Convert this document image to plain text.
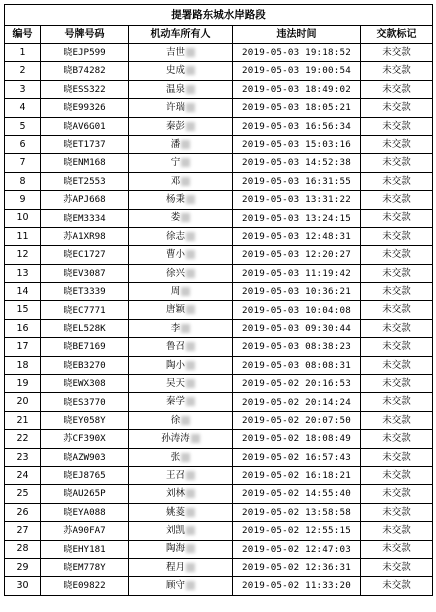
提署路东城水岸路段				
编号	号牌号码	机动车所有人	违法时间	交款标记
1	晓EJP599	吉世	2019-05-03 19:18:52	未交款
2	晓B74282	史成	2019-05-03 19:00:54	未交款
3	晓ESS322	温泉	2019-05-03 18:49:02	未交款
4	晓E99326	许瑞	2019-05-03 18:05:21	未交款
5	晓AV6G01	秦彭	2019-05-03 16:56:34	未交款
6	晓ET1737	潘	2019-05-03 15:03:16	未交款
7	晓ENM168	宁	2019-05-03 14:52:38	未交款
8	晓ET2553	邓	2019-05-03 16:31:55	未交款
9	苏APJ668	杨秉	2019-05-03 13:31:22	未交款
10	晓EM3334	娄	2019-05-03 13:24:15	未交款
11	苏A1XR98	徐志	2019-05-03 12:48:31	未交款
12	晓EC1727	曹小	2019-05-03 12:20:27	未交款
13	晓EV3087	徐兴	2019-05-03 11:19:42	未交款
14	晓ET3339	周	2019-05-03 10:36:21	未交款
15	晓EC7771	唐颖	2019-05-03 10:04:08	未交款
16	晓EL528K	李	2019-05-03 09:30:44	未交款
17	晓BE7169	鲁召	2019-05-03 08:38:23	未交款
18	晓EB3270	陶小	2019-05-03 08:08:31	未交款
19	晓EWX308	吴天	2019-05-02 20:16:53	未交款
20	晓ES3770	秦学	2019-05-02 20:14:24	未交款
21	晓EY058Y	徐	2019-05-02 20:07:50	未交款
22	苏CF390X	孙涛涛	2019-05-02 18:08:49	未交款
23	晓AZW903	张	2019-05-02 16:57:43	未交款
24	晓EJ8765	王召	2019-05-02 16:18:21	未交款
25	晓AU265P	刘林	2019-05-02 14:55:40	未交款
26	晓EYA088	姚菱	2019-05-02 13:58:58	未交款
27	苏A90FA7	刘凯	2019-05-02 12:55:15	未交款
28	晓EHY181	陶海	2019-05-02 12:47:03	未交款
29	晓EM778Y	程月	2019-05-02 12:36:31	未交款
30	晓E09822	顾守	2019-05-02 11:33:20	未交款
